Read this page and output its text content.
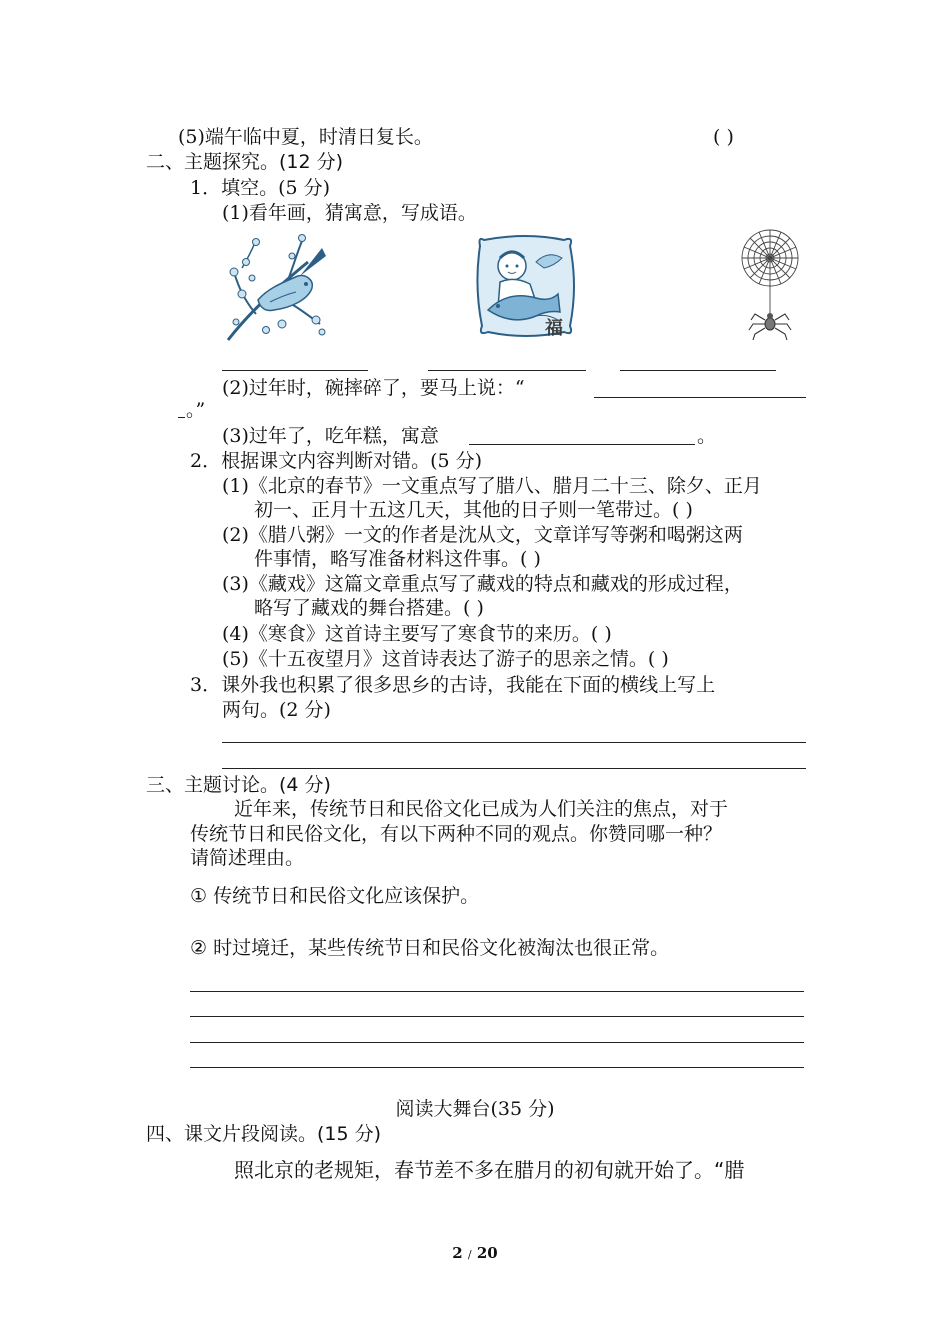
(5)端午临中夏，时清日复长。	( )
二、主题探究。(12 分)
1．填空。(5 分)
(1)看年画，猜寓意，写成语。
福
(2)过年时，碗摔碎了，要马上说：“
。”
(3)过年了，吃年糕，寓意	。
2．根据课文内容判断对错。(5 分)
(1)《北京的春节》一文重点写了腊八、腊月二十三、除夕、正月
初一、正月十五这几天，其他的日子则一笔带过。( )
(2)《腊八粥》一文的作者是沈从文，文章详写等粥和喝粥这两
件事情，略写准备材料这件事。( )
(3)《藏戏》这篇文章重点写了藏戏的特点和藏戏的形成过程，
略写了藏戏的舞台搭建。( )
(4)《寒食》这首诗主要写了寒食节的来历。( )
(5)《十五夜望月》这首诗表达了游子的思亲之情。( )
3．课外我也积累了很多思乡的古诗，我能在下面的横线上写上
两句。(2 分)
三、主题讨论。(4 分)
近年来，传统节日和民俗文化已成为人们关注的焦点，对于
传统节日和民俗文化，有以下两种不同的观点。你赞同哪一种？
请简述理由。
① 传统节日和民俗文化应该保护。
② 时过境迁，某些传统节日和民俗文化被淘汰也很正常。
阅读大舞台(35 分)
四、课文片段阅读。(15 分)
照北京的老规矩，春节差不多在腊月的初旬就开始了。“腊
2 / 20
